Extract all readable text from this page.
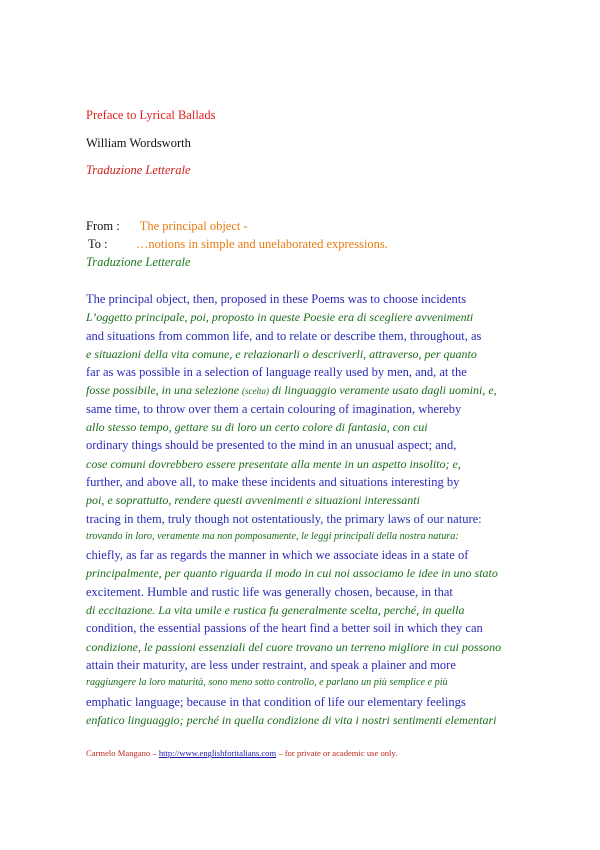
Preface to Lyrical Ballads
William Wordsworth
Traduzione Letterale
From : The principal object -
To : …notions in simple and unelaborated expressions.
Traduzione Letterale
The principal object, then, proposed in these Poems was to choose incidents
L’oggetto principale, poi, proposto in queste Poesie era di scegliere avvenimenti
and situations from common life, and to relate or describe them, throughout, as
e situazioni della vita comune, e relazionarli o descriverli, attraverso, per quanto
far as was possible in a selection of language really used by men, and, at the
fosse possibile, in una selezione (scelta) di linguaggio veramente usato dagli uomini, e,
same time, to throw over them a certain colouring of imagination, whereby
allo stesso tempo, gettare su di loro un certo colore di fantasia, con cui
ordinary things should be presented to the mind in an unusual aspect; and,
cose comuni dovrebbero essere presentate alla mente in un aspetto insolito; e,
further, and above all, to make these incidents and situations interesting by
poi, e soprattutto, rendere questi avvenimenti e situazioni interessanti
tracing in them, truly though not ostentatiously, the primary laws of our nature:
trovando in loro, veramente ma non pomposamente, le leggi principali della nostra natura:
chiefly, as far as regards the manner in which we associate ideas in a state of
principalmente, per quanto riguarda il modo in cui noi associamo le idee in uno stato
excitement. Humble and rustic life was generally chosen, because, in that
di eccitazione. La vita umile e rustica fu generalmente scelta, perché, in quella
condition, the essential passions of the heart find a better soil in which they can
condizione, le passioni essenziali del cuore trovano un terreno migliore in cui possono
attain their maturity, are less under restraint, and speak a plainer and more
raggiungere la loro maturità, sono meno sotto controllo, e parlano un più semplice e più
emphatic language; because in that condition of life our elementary feelings
enfatico linguaggio; perché in quella condizione di vita i nostri sentimenti elementari
Carmelo Mangano – http://www.englishforitalians.com – for private or academic use only.
